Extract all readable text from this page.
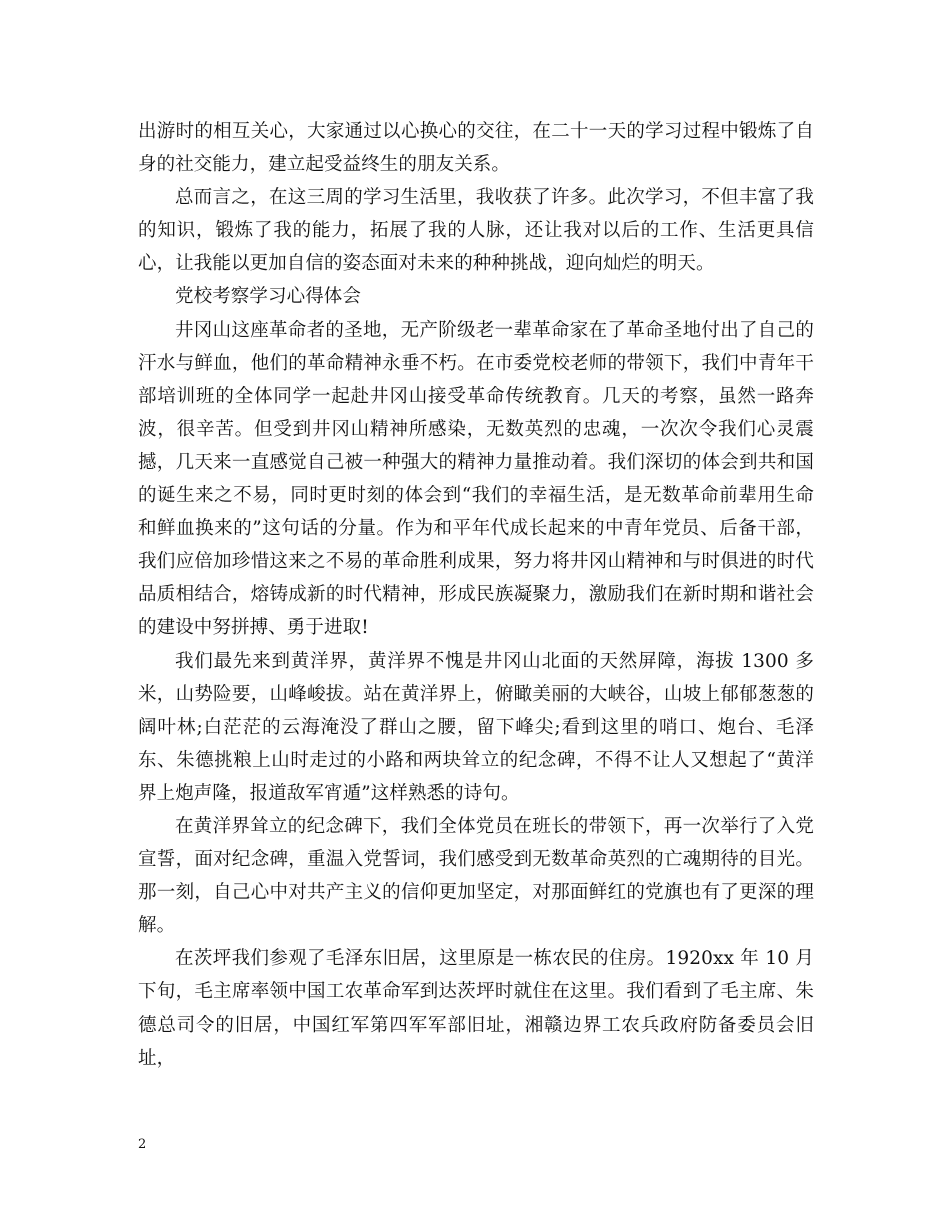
出游时的相互关心，大家通过以心换心的交往，在二十一天的学习过程中锻炼了自身的社交能力，建立起受益终生的朋友关系。

总而言之，在这三周的学习生活里，我收获了许多。此次学习，不但丰富了我的知识，锻炼了我的能力，拓展了我的人脉，还让我对以后的工作、生活更具信心，让我能以更加自信的姿态面对未来的种种挑战，迎向灿烂的明天。

党校考察学习心得体会

井冈山这座革命者的圣地，无产阶级老一辈革命家在了革命圣地付出了自己的汗水与鲜血，他们的革命精神永垂不朽。在市委党校老师的带领下，我们中青年干部培训班的全体同学一起赴井冈山接受革命传统教育。几天的考察，虽然一路奔波，很辛苦。但受到井冈山精神所感染，无数英烈的忠魂，一次次令我们心灵震撼，几天来一直感觉自己被一种强大的精神力量推动着。我们深切的体会到共和国的诞生来之不易，同时更时刻的体会到“我们的幸福生活，是无数革命前辈用生命和鲜血换来的”这句话的分量。作为和平年代成长起来的中青年党员、后备干部，我们应倍加珍惜这来之不易的革命胜利成果，努力将井冈山精神和与时俱进的时代品质相结合，熔铸成新的时代精神，形成民族凝聚力，激励我们在新时期和谐社会的建设中努拼搏、勇于进取!

我们最先来到黄洋界，黄洋界不愧是井冈山北面的天然屏障，海拔 1300 多米，山势险要，山峰峻拔。站在黄洋界上，俯瞰美丽的大峡谷，山坡上郁郁葱葱的阔叶林;白茫茫的云海淹没了群山之腰，留下峰尖;看到这里的哨口、炮台、毛泽东、朱德挑粮上山时走过的小路和两块耸立的纪念碑，不得不让人又想起了“黄洋界上炮声隆，报道敌军宵遁”这样熟悉的诗句。

在黄洋界耸立的纪念碑下，我们全体党员在班长的带领下，再一次举行了入党宣誓，面对纪念碑，重温入党誓词，我们感受到无数革命英烈的亡魂期待的目光。那一刻，自己心中对共产主义的信仰更加坚定，对那面鲜红的党旗也有了更深的理解。

在茨坪我们参观了毛泽东旧居，这里原是一栋农民的住房。1920xx 年 10 月下旬，毛主席率领中国工农革命军到达茨坪时就住在这里。我们看到了毛主席、朱德总司令的旧居，中国红军第四军军部旧址，湘赣边界工农兵政府防备委员会旧址，

2
